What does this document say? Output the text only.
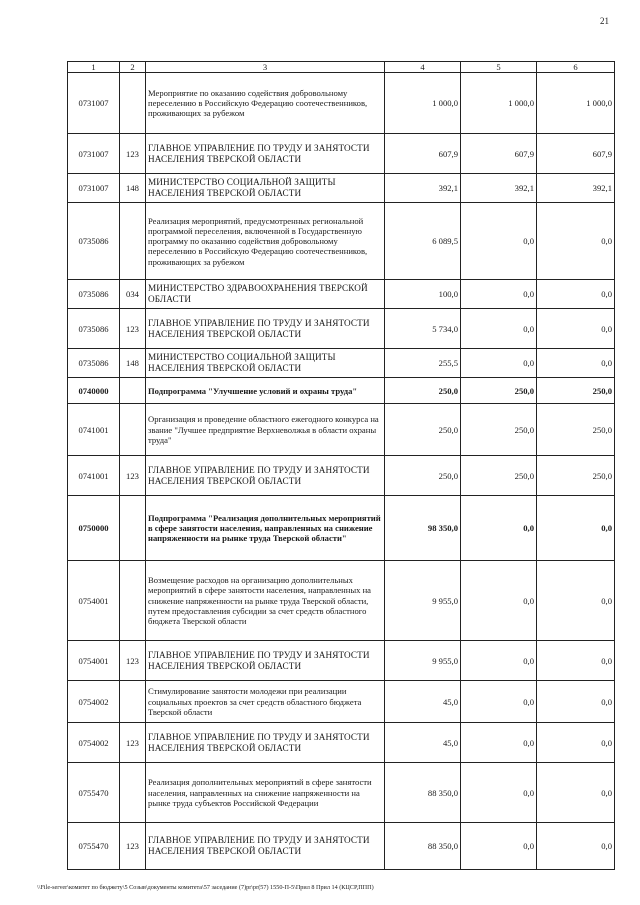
21
1	2	3	4	5	6
0731007		Мероприятие по оказанию содействия добровольному переселению в Российскую Федерацию соотечественников, проживающих за рубежом	1 000,0	1 000,0	1 000,0
0731007	123	ГЛАВНОЕ УПРАВЛЕНИЕ ПО ТРУДУ И ЗАНЯТОСТИ НАСЕЛЕНИЯ ТВЕРСКОЙ ОБЛАСТИ	607,9	607,9	607,9
0731007	148	МИНИСТЕРСТВО СОЦИАЛЬНОЙ ЗАЩИТЫ НАСЕЛЕНИЯ ТВЕРСКОЙ ОБЛАСТИ	392,1	392,1	392,1
0735086		Реализация мероприятий, предусмотренных региональной программой переселения, включенной в Государственную программу по оказанию содействия добровольному переселению в Российскую Федерацию соотечественников, проживающих за рубежом	6 089,5	0,0	0,0
0735086	034	МИНИСТЕРСТВО ЗДРАВООХРАНЕНИЯ ТВЕРСКОЙ ОБЛАСТИ	100,0	0,0	0,0
0735086	123	ГЛАВНОЕ УПРАВЛЕНИЕ ПО ТРУДУ И ЗАНЯТОСТИ НАСЕЛЕНИЯ ТВЕРСКОЙ ОБЛАСТИ	5 734,0	0,0	0,0
0735086	148	МИНИСТЕРСТВО СОЦИАЛЬНОЙ ЗАЩИТЫ НАСЕЛЕНИЯ ТВЕРСКОЙ ОБЛАСТИ	255,5	0,0	0,0
0740000		Подпрограмма "Улучшение условий и охраны труда"	250,0	250,0	250,0
0741001		Организация и проведение областного ежегодного конкурса на звание "Лучшее предприятие Верхневолжья в области охраны труда"	250,0	250,0	250,0
0741001	123	ГЛАВНОЕ УПРАВЛЕНИЕ ПО ТРУДУ И ЗАНЯТОСТИ НАСЕЛЕНИЯ ТВЕРСКОЙ ОБЛАСТИ	250,0	250,0	250,0
0750000		Подпрограмма "Реализация дополнительных мероприятий в сфере занятости населения, направленных на снижение напряженности на рынке труда Тверской области"	98 350,0	0,0	0,0
0754001		Возмещение расходов на организацию дополнительных мероприятий в сфере занятости населения, направленных на снижение напряженности на рынке труда Тверской области, путем предоставления субсидии за счет средств областного бюджета Тверской области	9 955,0	0,0	0,0
0754001	123	ГЛАВНОЕ УПРАВЛЕНИЕ ПО ТРУДУ И ЗАНЯТОСТИ НАСЕЛЕНИЯ ТВЕРСКОЙ ОБЛАСТИ	9 955,0	0,0	0,0
0754002		Стимулирование занятости молодежи при реализации социальных проектов за счет средств областного бюджета Тверской области	45,0	0,0	0,0
0754002	123	ГЛАВНОЕ УПРАВЛЕНИЕ ПО ТРУДУ И ЗАНЯТОСТИ НАСЕЛЕНИЯ ТВЕРСКОЙ ОБЛАСТИ	45,0	0,0	0,0
0755470		Реализация дополнительных мероприятий в сфере занятости населения, направленных на снижение напряженности на рынке труда субъектов Российской Федерации	88 350,0	0,0	0,0
0755470	123	ГЛАВНОЕ УПРАВЛЕНИЕ ПО ТРУДУ И ЗАНЯТОСТИ НАСЕЛЕНИЯ ТВЕРСКОЙ ОБЛАСТИ	88 350,0	0,0	0,0
\\File-server\комитет по бюджету\5 Созыв\документы комитета\57 заседание (7)pr\pr(57) 1550-П-5\Прил 8 Прил 14 (КЦСР,ППП)
